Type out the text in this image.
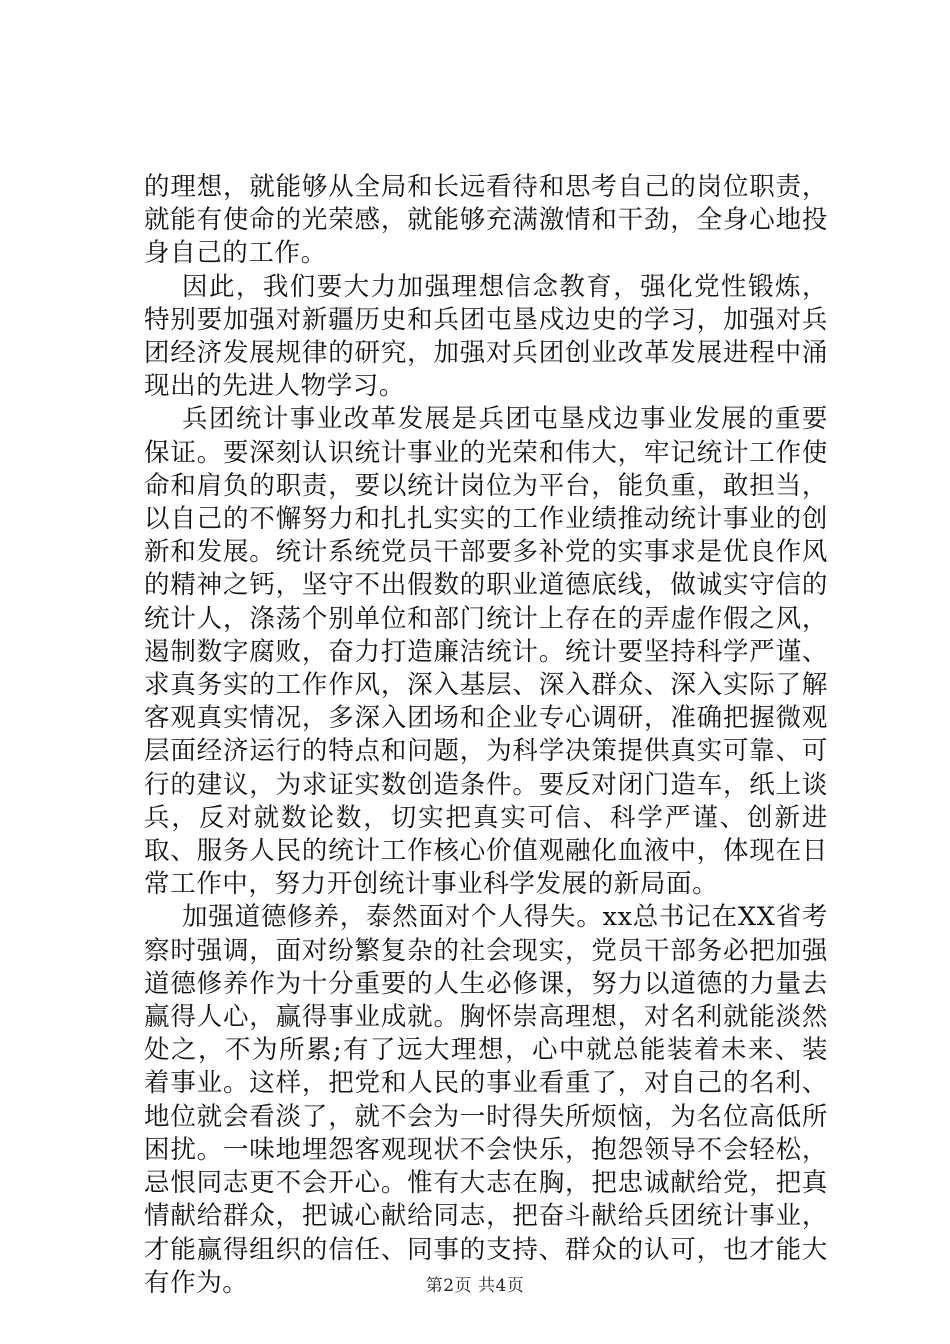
的理想，就能够从全局和长远看待和思考自己的岗位职责，就能有使命的光荣感，就能够充满激情和干劲，全身心地投身自己的工作。

因此，我们要大力加强理想信念教育，强化党性锻炼，特别要加强对新疆历史和兵团屯垦戍边史的学习，加强对兵团经济发展规律的研究，加强对兵团创业改革发展进程中涌现出的先进人物学习。

兵团统计事业改革发展是兵团屯垦戍边事业发展的重要保证。要深刻认识统计事业的光荣和伟大，牢记统计工作使命和肩负的职责，要以统计岗位为平台，能负重，敢担当，以自己的不懈努力和扎扎实实的工作业绩推动统计事业的创新和发展。统计系统党员干部要多补党的实事求是优良作风的精神之钙，坚守不出假数的职业道德底线，做诚实守信的统计人，涤荡个别单位和部门统计上存在的弄虚作假之风，遏制数字腐败，奋力打造廉洁统计。统计要坚持科学严谨、求真务实的工作作风，深入基层、深入群众、深入实际了解客观真实情况，多深入团场和企业专心调研，准确把握微观层面经济运行的特点和问题，为科学决策提供真实可靠、可行的建议，为求证实数创造条件。要反对闭门造车，纸上谈兵，反对就数论数，切实把真实可信、科学严谨、创新进取、服务人民的统计工作核心价值观融化血液中，体现在日常工作中，努力开创统计事业科学发展的新局面。

加强道德修养，泰然面对个人得失。xx总书记在XX省考察时强调，面对纷繁复杂的社会现实，党员干部务必把加强道德修养作为十分重要的人生必修课，努力以道德的力量去赢得人心，赢得事业成就。胸怀崇高理想，对名利就能淡然处之，不为所累;有了远大理想，心中就总能装着未来、装着事业。这样，把党和人民的事业看重了，对自己的名利、地位就会看淡了，就不会为一时得失所烦恼，为名位高低所困扰。一味地埋怨客观现状不会快乐，抱怨领导不会轻松，忌恨同志更不会开心。惟有大志在胸，把忠诚献给党，把真情献给群众，把诚心献给同志，把奋斗献给兵团统计事业，才能赢得组织的信任、同事的支持、群众的认可，也才能大有作为。	第2页 共4页
